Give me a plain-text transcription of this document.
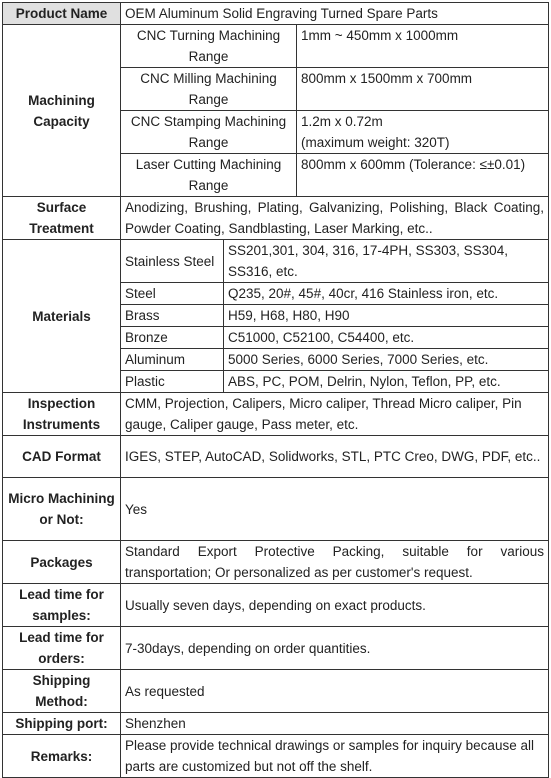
Product Name	OEM Aluminum Solid Engraving Turned Spare Parts		
Machining Capacity	CNC Turning Machining Range		1mm ~ 450mm x 1000mm
	CNC Milling Machining Range		800mm x 1500mm x 700mm
	CNC Stamping Machining Range		1.2m x 0.72m
(maximum weight: 320T)

	Laser Cutting Machining Range		800mm x 600mm (Tolerance: ≤±0.01)
Surface Treatment	Anodizing, Brushing, Plating, Galvanizing, Polishing, Black Coating, Powder Coating, Sandblasting, Laser Marking, etc..		
Materials	Stainless Steel	SS201,301, 304, 316, 17-4PH, SS303, SS304, SS316, etc.	
	Steel	Q235, 20#, 45#, 40cr, 416 Stainless iron, etc.	
	Brass	H59, H68, H80, H90	
	Bronze	C51000, C52100, C54400, etc.	
	Aluminum	5000 Series, 6000 Series, 7000 Series, etc.	
	Plastic	ABS, PC, POM, Delrin, Nylon, Teflon, PP, etc.	
Inspection Instruments	CMM, Projection, Calipers, Micro caliper, Thread Micro caliper, Pin gauge, Caliper gauge, Pass meter, etc.		
CAD Format	IGES, STEP, AutoCAD, Solidworks, STL, PTC Creo, DWG, PDF, etc..		
Micro Machining or Not:	Yes		
Packages	Standard Export Protective Packing, suitable for various transportation; Or personalized as per customer's request.		
Lead time for samples:	Usually seven days, depending on exact products.		
Lead time for orders:	7-30days, depending on order quantities.		
Shipping Method:	As requested		
Shipping port:	Shenzhen		
Remarks:	Please provide technical drawings or samples for inquiry because all parts are customized but not off the shelf.		
